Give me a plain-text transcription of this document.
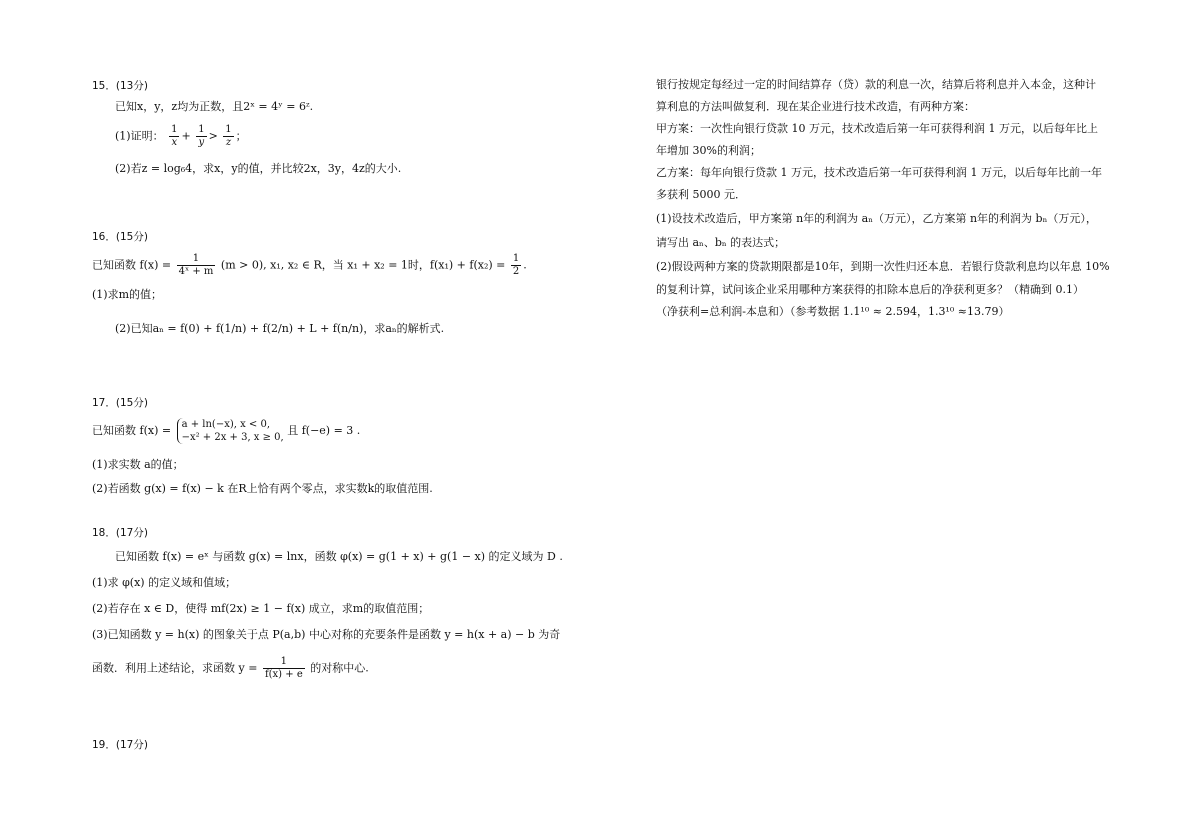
15．(13分)
已知x，y，z均为正数，且2ˣ = 4ʸ = 6ᶻ.
(1)证明： $\frac{1}{x} + \frac{1}{y} > \frac{1}{z}$ ；
(2)若z = log₆4，求x，y的值，并比较2x，3y，4z的大小.
16．(15分)
已知函数 $f(x) = \frac{1}{\text{4ˣ + m}} (m > 0)$, x₁, x₂ ∈ R，当 x₁ + x₂ = 1时，$f(x_1) + f(x_2) = \frac{1}{2}$ .
(1)求m的值；
(2)已知aₙ = f(0) + f(1/n) + f(2/n) + L + f(n/n)，求aₙ的解析式.
17．(15分)
已知函数 f(x) = a + ln(−x), x < 0,
−x² + 2x + 3, x ≥ 0,
且 f(−e) = 3 .
(1)求实数 a的值；
(2)若函数 g(x) = f(x) − k 在R上恰有两个零点，求实数k的取值范围.
18．(17分)
已知函数 f(x) = eˣ 与函数 g(x) = lnx，函数 φ(x) = g(1 + x) + g(1 − x) 的定义域为 D .
(1)求 φ(x) 的定义域和值域；
(2)若存在 x ∈ D，使得 mf(2x) ≥ 1 − f(x) 成立，求m的取值范围；
(3)已知函数 y = h(x) 的图象关于点 P(a,b) 中心对称的充要条件是函数 y = h(x + a) − b 为奇
函数．利用上述结论，求函数 $y = \frac{1}{f(x) + e}$ 的对称中心.
19．(17分)
银行按规定每经过一定的时间结算存（贷）款的利息一次，结算后将利息并入本金，这种计
算利息的方法叫做复利．现在某企业进行技术改造，有两种方案：
甲方案：一次性向银行贷款 10 万元，技术改造后第一年可获得利润 1 万元，以后每年比上
年增加 30%的利润；
乙方案：每年向银行贷款 1 万元，技术改造后第一年可获得利润 1 万元，以后每年比前一年
多获利 5000 元．
(1)设技术改造后，甲方案第 n年的利润为 aₙ（万元），乙方案第 n年的利润为 bₙ（万元），
请写出 aₙ、bₙ 的表达式；
(2)假设两种方案的贷款期限都是10年，到期一次性归还本息．若银行贷款利息均以年息 10%
的复利计算，试问该企业采用哪种方案获得的扣除本息后的净获利更多？（精确到 0.1）
（净获利=总利润-本息和）（参考数据 1.1¹⁰ ≈ 2.594，1.3¹⁰ ≈13.79）
